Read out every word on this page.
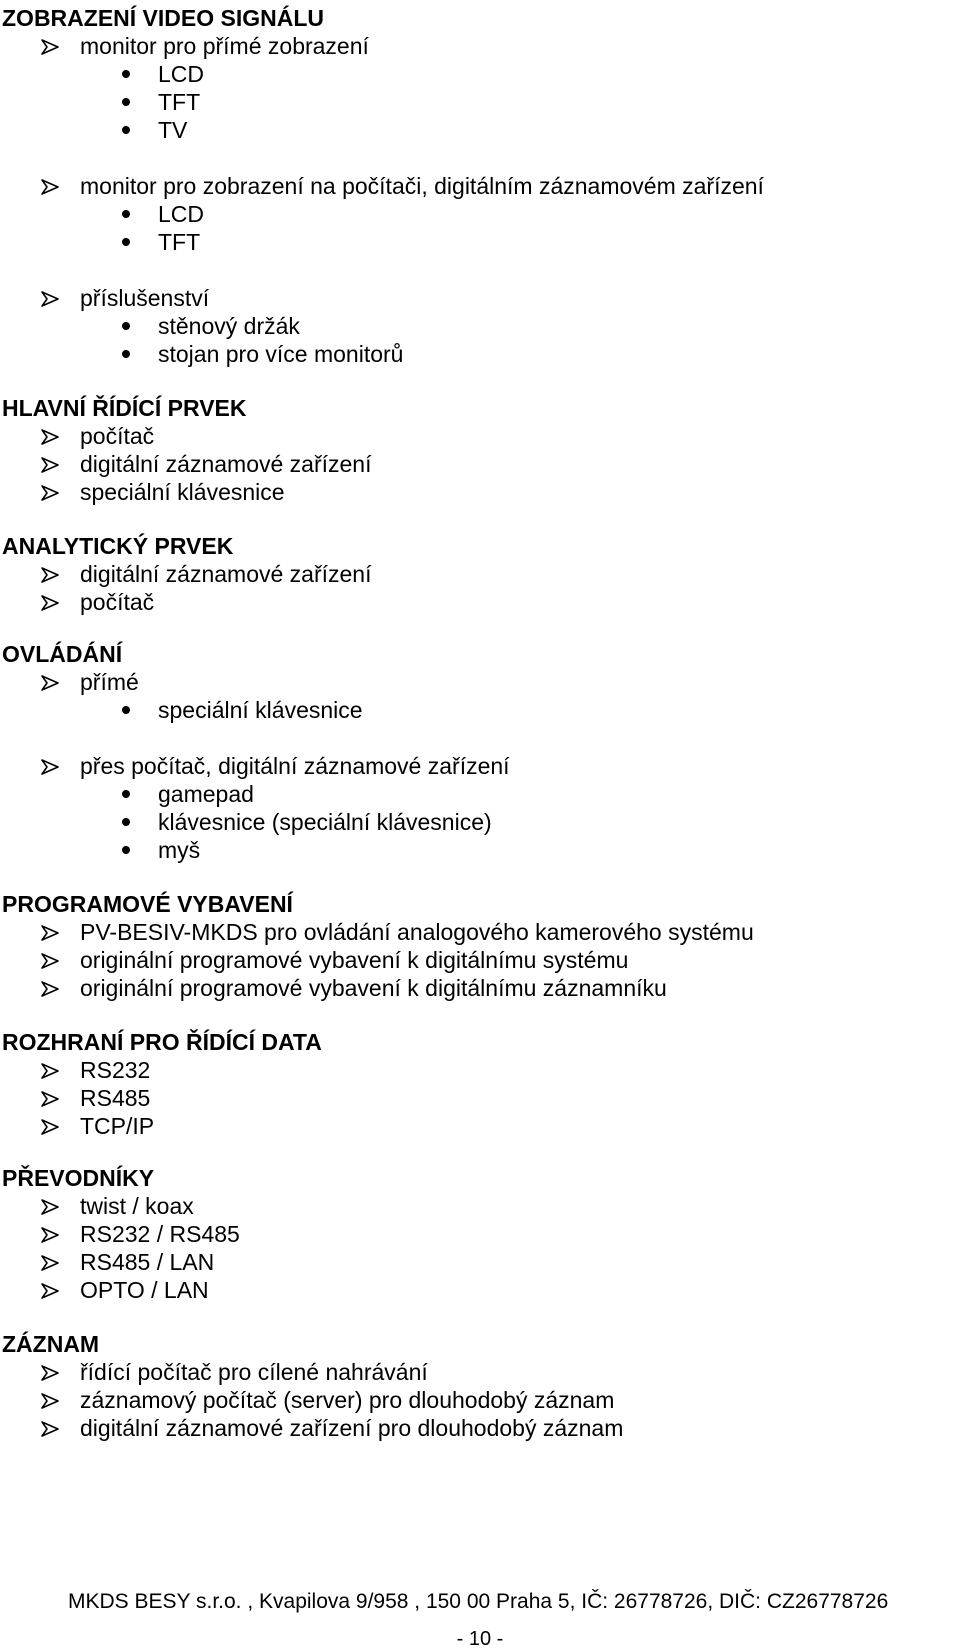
ZOBRAZENÍ VIDEO SIGNÁLU
monitor pro přímé zobrazení
LCD
TFT
TV
monitor pro zobrazení na počítači, digitálním záznamovém zařízení
LCD
TFT
příslušenství
stěnový držák
stojan pro více monitorů
HLAVNÍ ŘÍDÍCÍ PRVEK
počítač
digitální záznamové zařízení
speciální klávesnice
ANALYTICKÝ PRVEK
digitální záznamové zařízení
počítač
OVLÁDÁNÍ
přímé
speciální klávesnice
přes počítač, digitální záznamové zařízení
gamepad
klávesnice (speciální klávesnice)
myš
PROGRAMOVÉ VYBAVENÍ
PV-BESIV-MKDS pro ovládání analogového kamerového systému
originální programové vybavení k digitálnímu systému
originální programové vybavení k digitálnímu záznamníku
ROZHRANÍ PRO ŘÍDÍCÍ DATA
RS232
RS485
TCP/IP
PŘEVODNÍKY
twist / koax
RS232 / RS485
RS485 / LAN
OPTO / LAN
ZÁZNAM
řídící počítač pro cílené nahrávání
záznamový počítač (server) pro dlouhodobý záznam
digitální záznamové zařízení pro dlouhodobý záznam
MKDS BESY s.r.o. , Kvapilova 9/958 , 150 00 Praha 5, IČ: 26778726, DIČ: CZ26778726
- 10 -
